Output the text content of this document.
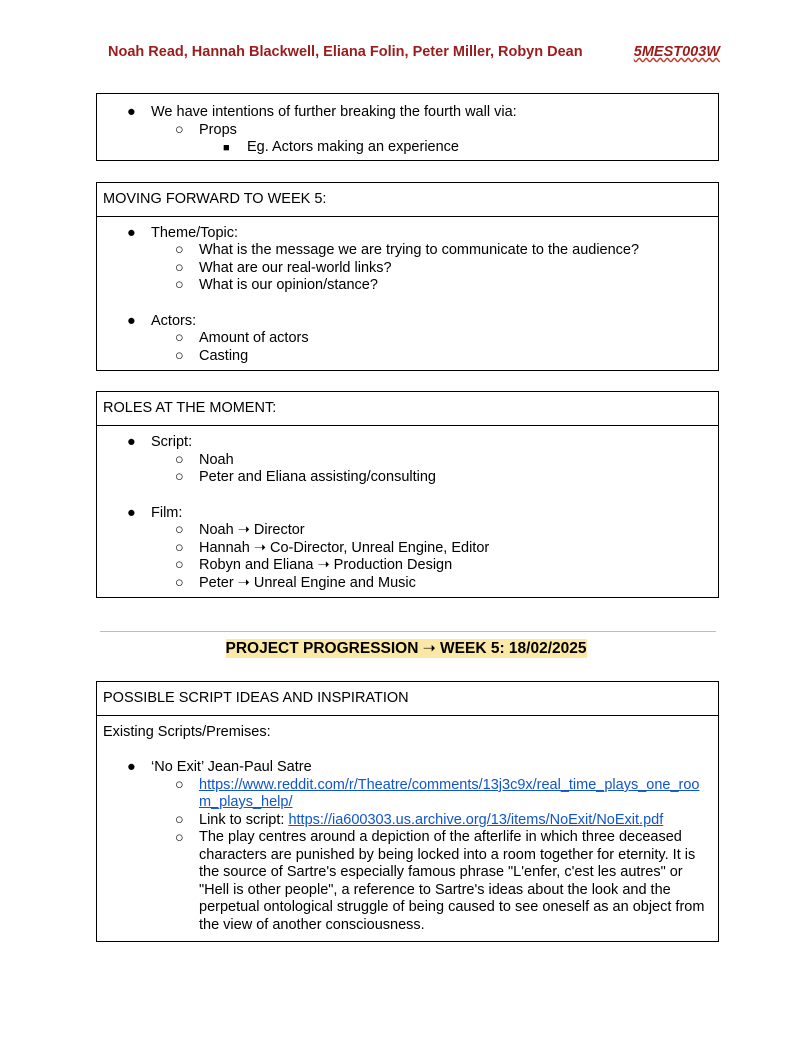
Noah Read, Hannah Blackwell, Eliana Folin, Peter Miller, Robyn Dean	5MEST003W
● We have intentions of further breaking the fourth wall via:
○ Props
■ Eg. Actors making an experience
MOVING FORWARD TO WEEK 5:
● Theme/Topic:
○ What is the message we are trying to communicate to the audience?
○ What are our real-world links?
○ What is our opinion/stance?
● Actors:
○ Amount of actors
○ Casting
ROLES AT THE MOMENT:
● Script:
○ Noah
○ Peter and Eliana assisting/consulting
● Film:
○ Noah ➝ Director
○ Hannah ➝ Co-Director, Unreal Engine, Editor
○ Robyn and Eliana ➝ Production Design
○ Peter ➝ Unreal Engine and Music
PROJECT PROGRESSION ➝ WEEK 5: 18/02/2025
POSSIBLE SCRIPT IDEAS AND INSPIRATION
Existing Scripts/Premises:
● ‘No Exit’ Jean-Paul Satre
○ https://www.reddit.com/r/Theatre/comments/13j3c9x/real_time_plays_one_roo
m_plays_help/
○ Link to script: https://ia600303.us.archive.org/13/items/NoExit/NoExit.pdf
○	The play centres around a depiction of the afterlife in which three deceased characters are punished by being locked into a room together for eternity. It is the source of Sartre's especially famous phrase "L'enfer, c'est les autres" or "Hell is other people", a reference to Sartre's ideas about the look and the perpetual ontological struggle of being caused to see oneself as an object from the view of another consciousness.
